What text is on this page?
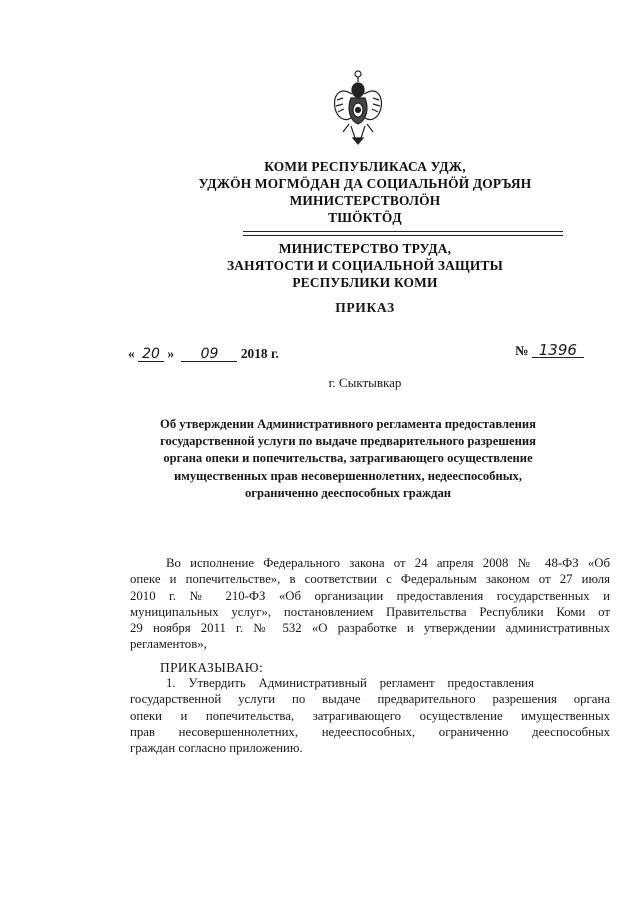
КОМИ РЕСПУБЛИКАСА УДЖ,
УДЖӦН МОГМӦДАН ДА СОЦИАЛЬНӦЙ ДОРЪЯН
МИНИСТЕРСТВОЛӦН
ТШӦКТӦД
МИНИСТЕРСТВО ТРУДА,
ЗАНЯТОСТИ И СОЦИАЛЬНОЙ ЗАЩИТЫ
РЕСПУБЛИКИ КОМИ
ПРИКАЗ
« 20 » 09 2018 г.	№ 1396
г. Сыктывкар
Об утверждении Административного регламента предоставления
государственной услуги по выдаче предварительного разрешения
органа опеки и попечительства, затрагивающего осуществление
имущественных прав несовершеннолетних, недееспособных,
ограниченно дееспособных граждан
Во исполнение Федерального закона от 24 апреля 2008 № 48-ФЗ «Об
опеке и попечительстве», в соответствии с Федеральным законом от 27 июля
2010 г. № 210-ФЗ «Об организации предоставления государственных и
муниципальных услуг», постановлением Правительства Республики Коми от
29 ноября 2011 г. № 532 «О разработке и утверждении административных
регламентов»,
ПРИКАЗЫВАЮ:
1.    Утвердить    Административный    регламент    предоставления
государственной услуги по выдаче предварительного разрешения органа
опеки и попечительства, затрагивающего осуществление имущественных
прав несовершеннолетних, недееспособных, ограниченно дееспособных
граждан согласно приложению.
